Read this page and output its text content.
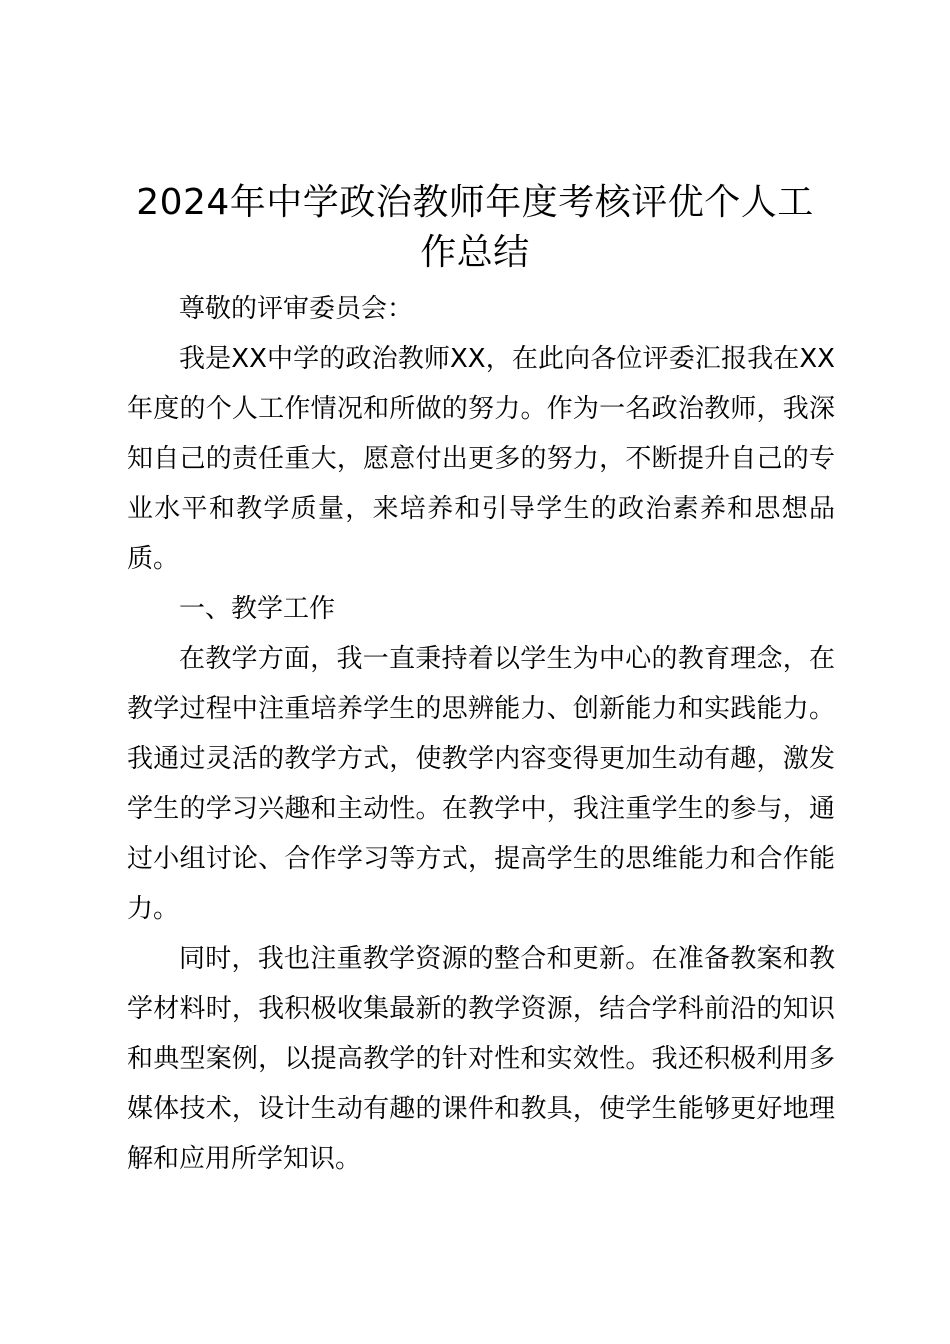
2024年中学政治教师年度考核评优个人工作总结

尊敬的评审委员会：

我是XX中学的政治教师XX，在此向各位评委汇报我在XX年度的个人工作情况和所做的努力。作为一名政治教师，我深知自己的责任重大，愿意付出更多的努力，不断提升自己的专业水平和教学质量，来培养和引导学生的政治素养和思想品质。

一、教学工作

在教学方面，我一直秉持着以学生为中心的教育理念，在教学过程中注重培养学生的思辨能力、创新能力和实践能力。我通过灵活的教学方式，使教学内容变得更加生动有趣，激发学生的学习兴趣和主动性。在教学中，我注重学生的参与，通过小组讨论、合作学习等方式，提高学生的思维能力和合作能力。

同时，我也注重教学资源的整合和更新。在准备教案和教学材料时，我积极收集最新的教学资源，结合学科前沿的知识和典型案例，以提高教学的针对性和实效性。我还积极利用多媒体技术，设计生动有趣的课件和教具，使学生能够更好地理解和应用所学知识。
